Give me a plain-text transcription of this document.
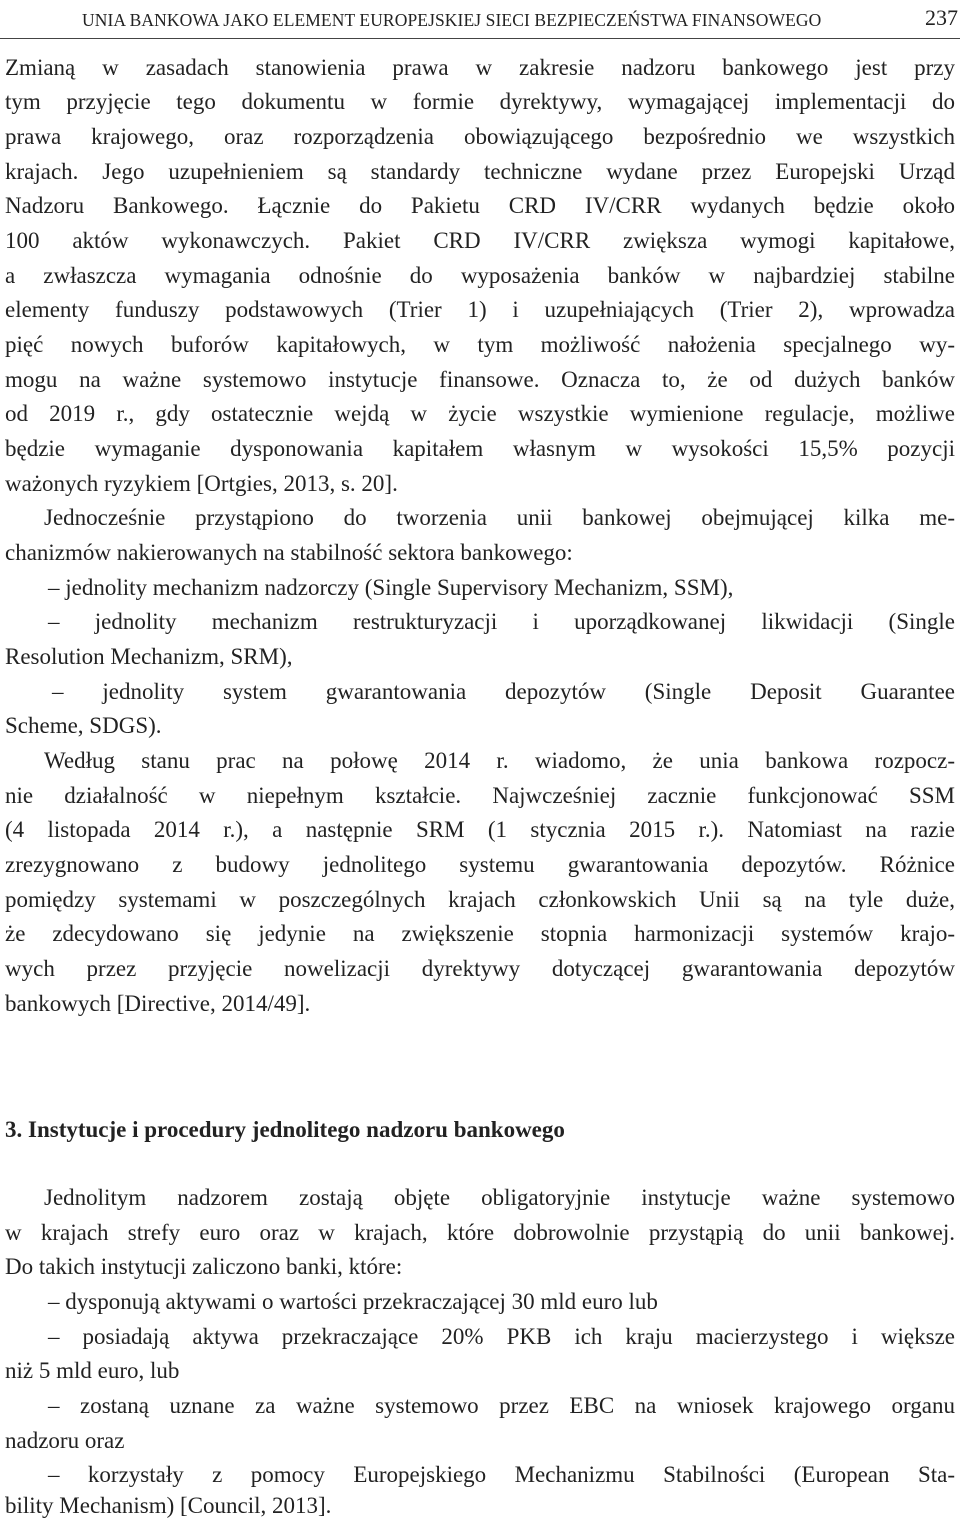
UNIA BANKOWA JAKO ELEMENT EUROPEJSKIEJ SIECI BEZPIECZEŃSTWA FINANSOWEGO	237
Zmianą w zasadach stanowienia prawa w zakresie nadzoru bankowego jest przy
tym przyjęcie tego dokumentu w formie dyrektywy, wymagającej implementacji do
prawa krajowego, oraz rozporządzenia obowiązującego bezpośrednio we wszystkich
krajach. Jego uzupełnieniem są standardy techniczne wydane przez Europejski Urząd
Nadzoru Bankowego. Łącznie do Pakietu CRD IV/CRR wydanych będzie około
100 aktów wykonawczych. Pakiet CRD IV/CRR zwiększa wymogi kapitałowe,
a zwłaszcza wymagania odnośnie do wyposażenia banków w najbardziej stabilne
elementy funduszy podstawowych (Trier 1) i uzupełniających (Trier 2), wprowadza
pięć nowych buforów kapitałowych, w tym możliwość nałożenia specjalnego wy-
mogu na ważne systemowo instytucje finansowe. Oznacza to, że od dużych banków
od 2019 r., gdy ostatecznie wejdą w życie wszystkie wymienione regulacje, możliwe
będzie wymaganie dysponowania kapitałem własnym w wysokości 15,5% pozycji
ważonych ryzykiem [Ortgies, 2013, s. 20].
Jednocześnie przystąpiono do tworzenia unii bankowej obejmującej kilka me-
chanizmów nakierowanych na stabilność sektora bankowego:
– jednolity mechanizm nadzorczy (Single Supervisory Mechanizm, SSM),
– jednolity mechanizm restrukturyzacji i uporządkowanej likwidacji (Single
Resolution Mechanizm, SRM),
– jednolity system gwarantowania depozytów (Single Deposit Guarantee
Scheme, SDGS).
Według stanu prac na połowę 2014 r. wiadomo, że unia bankowa rozpocz-
nie działalność w niepełnym kształcie. Najwcześniej zacznie funkcjonować SSM
(4 listopada 2014 r.), a następnie SRM (1 stycznia 2015 r.). Natomiast na razie
zrezygnowano z budowy jednolitego systemu gwarantowania depozytów. Różnice
pomiędzy systemami w poszczególnych krajach członkowskich Unii są na tyle duże,
że zdecydowano się jedynie na zwiększenie stopnia harmonizacji systemów krajo-
wych przez przyjęcie nowelizacji dyrektywy dotyczącej gwarantowania depozytów
bankowych [Directive, 2014/49].
3. Instytucje i procedury jednolitego nadzoru bankowego
Jednolitym nadzorem zostają objęte obligatoryjnie instytucje ważne systemowo
w krajach strefy euro oraz w krajach, które dobrowolnie przystąpią do unii bankowej.
Do takich instytucji zaliczono banki, które:
– dysponują aktywami o wartości przekraczającej 30 mld euro lub
– posiadają aktywa przekraczające 20% PKB ich kraju macierzystego i większe
niż 5 mld euro, lub
– zostaną uznane za ważne systemowo przez EBC na wniosek krajowego organu
nadzoru oraz
– korzystały z pomocy Europejskiego Mechanizmu Stabilności (European Sta-
bility Mechanism) [Council, 2013].
